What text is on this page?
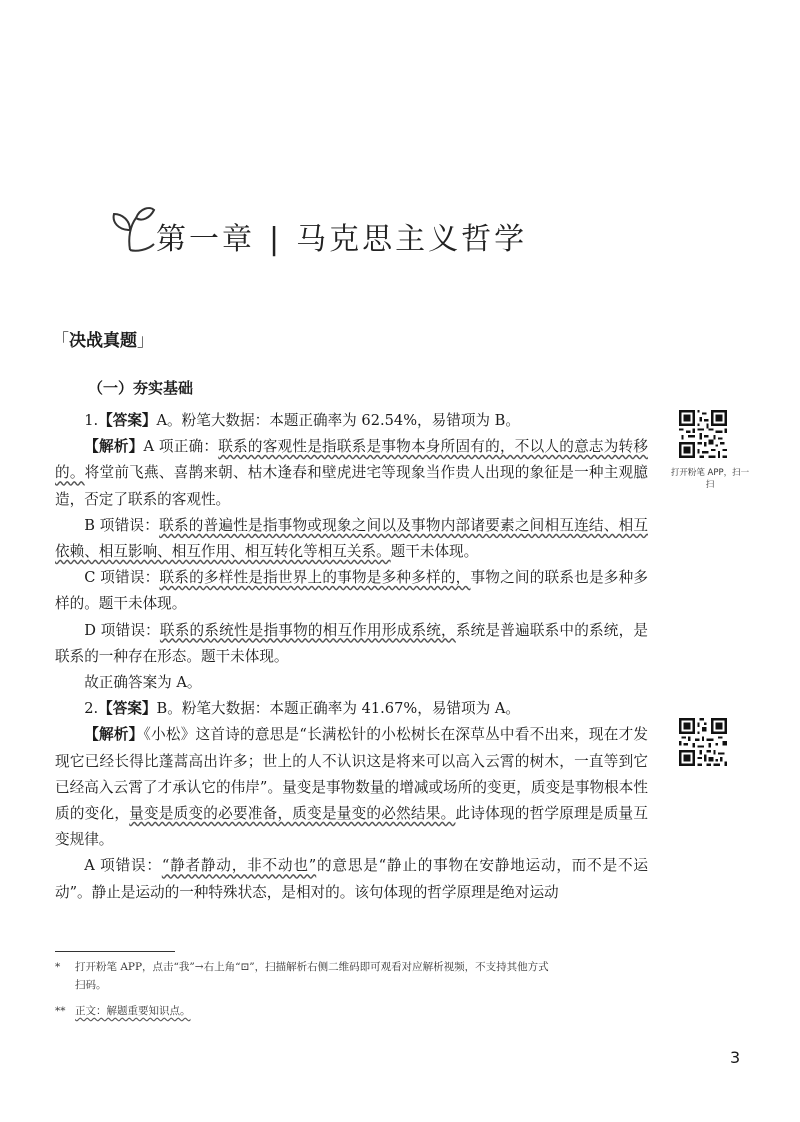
第一章 | 马克思主义哲学
「决战真题」
（一）夯实基础

1.【答案】A。粉笔大数据：本题正确率为 62.54%，易错项为 B。

【解析】A 项正确：联系的客观性是指联系是事物本身所固有的，不以人的意志为转移的。将堂前飞燕、喜鹊来朝、枯木逢春和壁虎进宅等现象当作贵人出现的象征是一种主观臆造，否定了联系的客观性。

B 项错误：联系的普遍性是指事物或现象之间以及事物内部诸要素之间相互连结、相互依赖、相互影响、相互作用、相互转化等相互关系。题干未体现。

C 项错误：联系的多样性是指世界上的事物是多种多样的，事物之间的联系也是多种多样的。题干未体现。

D 项错误：联系的系统性是指事物的相互作用形成系统，系统是普遍联系中的系统，是联系的一种存在形态。题干未体现。

故正确答案为 A。

2.【答案】B。粉笔大数据：本题正确率为 41.67%，易错项为 A。

【解析】《小松》这首诗的意思是“长满松针的小松树长在深草丛中看不出来，现在才发现它已经长得比蓬蒿高出许多；世上的人不认识这是将来可以高入云霄的树木，一直等到它已经高入云霄了才承认它的伟岸”。量变是事物数量的增减或场所的变更，质变是事物根本性质的变化，量变是质变的必要准备，质变是量变的必然结果。此诗体现的哲学原理是质量互变规律。

A 项错误：“静者静动，非不动也”的意思是“静止的事物在安静地运动，而不是不运动”。静止是运动的一种特殊状态，是相对的。该句体现的哲学原理是绝对运动

打开粉笔 APP，扫一扫
* 打开粉笔 APP，点击“我”→右上角“⊡”，扫描解析右侧二维码即可观看对应解析视频，不支持其他方式
扫码。
** 正文：解题重要知识点。
3
